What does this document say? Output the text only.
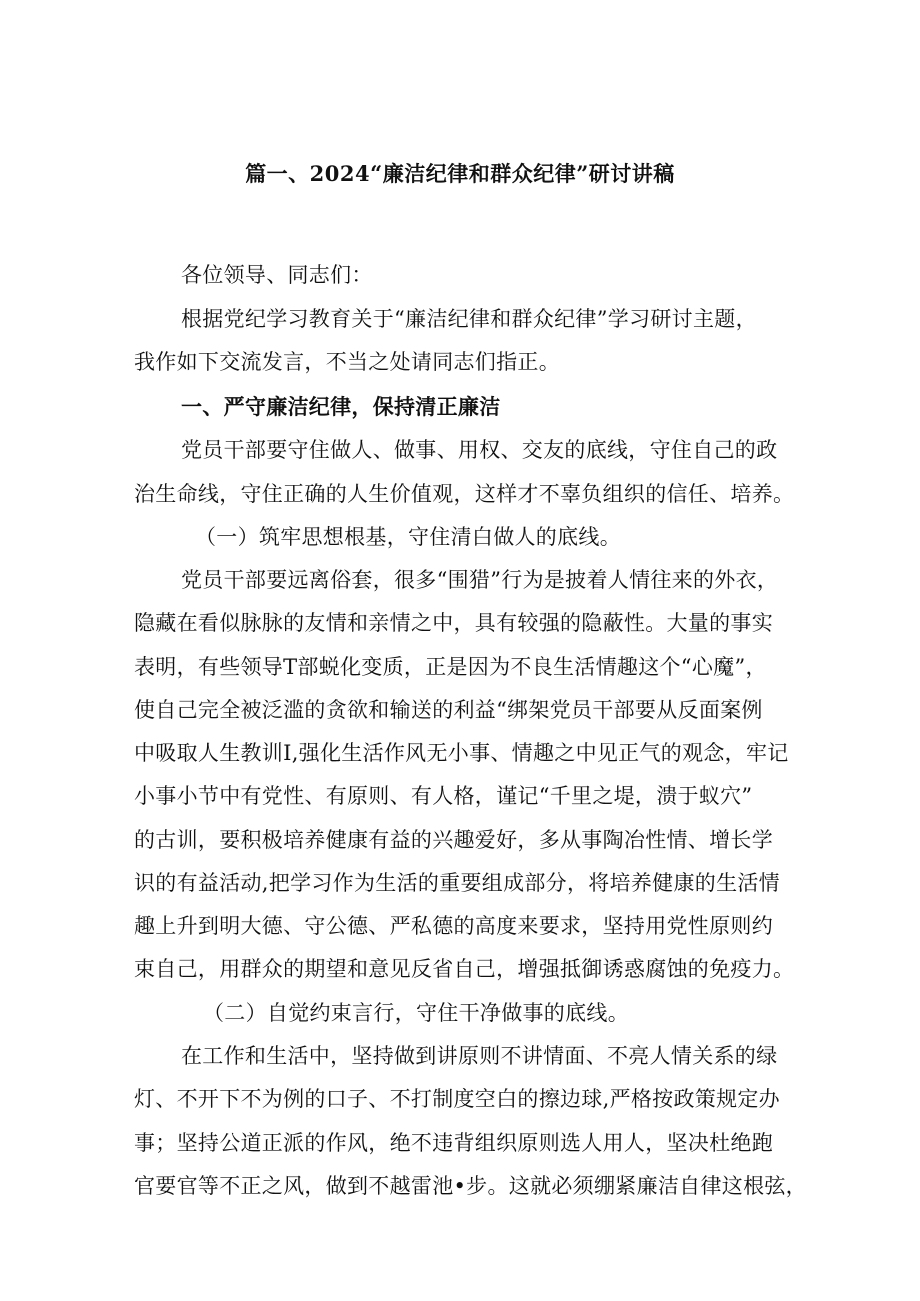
篇一、2024“廉洁纪律和群众纪律”研讨讲稿
各位领导、同志们：
根据党纪学习教育关于“廉洁纪律和群众纪律”学习研讨主题，
我作如下交流发言，不当之处请同志们指正。
一、严守廉洁纪律，保持清正廉洁
党员干部要守住做人、做事、用权、交友的底线，守住自己的政
治生命线，守住正确的人生价值观，这样才不辜负组织的信任、培养。
（一）筑牢思想根基，守住清白做人的底线。
党员干部要远离俗套，很多“围猎”行为是披着人情往来的外衣，
隐藏在看似脉脉的友情和亲情之中，具有较强的隐蔽性。大量的事实
表明，有些领导T部蜕化变质，正是因为不良生活情趣这个“心魔”，
使自己完全被泛滥的贪欲和输送的利益“绑架党员干部要从反面案例
中吸取人生教训I,强化生活作风无小事、情趣之中见正气的观念，牢记
小事小节中有党性、有原则、有人格，谨记“千里之堤，溃于蚁穴”
的古训，要积极培养健康有益的兴趣爱好，多从事陶冶性情、增长学
识的有益活动,把学习作为生活的重要组成部分，将培养健康的生活情
趣上升到明大德、守公德、严私德的高度来要求，坚持用党性原则约
束自己，用群众的期望和意见反省自己，增强抵御诱惑腐蚀的免疫力。
（二）自觉约束言行，守住干净做事的底线。
在工作和生活中，坚持做到讲原则不讲情面、不亮人情关系的绿
灯、不开下不为例的口子、不打制度空白的擦边球,严格按政策规定办
事；坚持公道正派的作风，绝不违背组织原则选人用人，坚决杜绝跑
官要官等不正之风，做到不越雷池•步。这就必须绷紧廉洁自律这根弦，
